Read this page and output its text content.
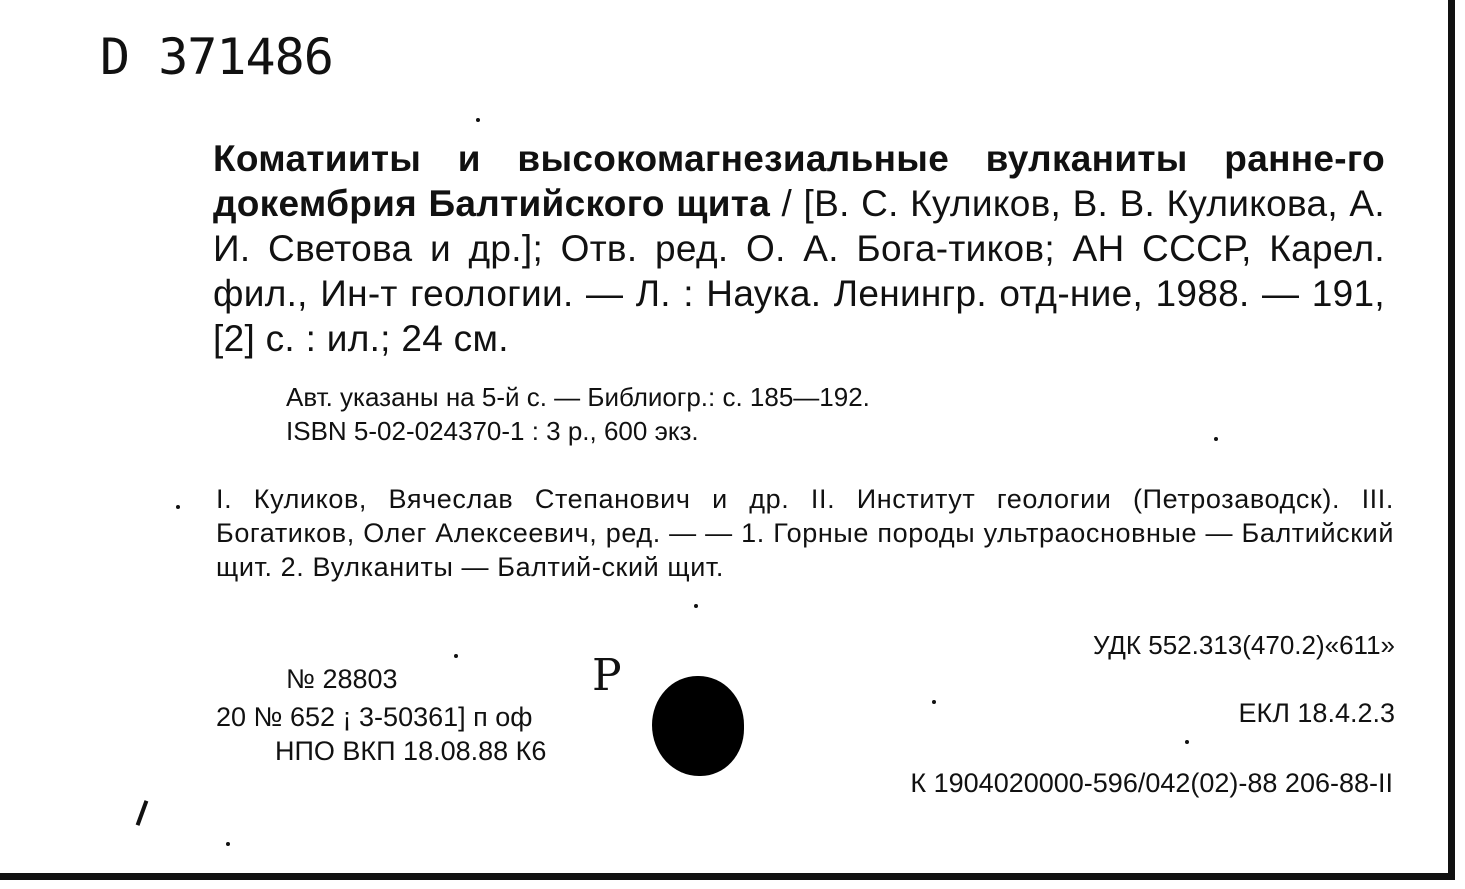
D 371486
Коматииты и высокомагнезиальные вулканиты ранне-го докембрия Балтийского щита / [В. С. Куликов, В. В. Куликова, А. И. Светова и др.]; Отв. ред. О. А. Бога-тиков; АН СССР, Карел. фил., Ин-т геологии. — Л. : Наука. Ленингр. отд-ние, 1988. — 191, [2] с. : ил.; 24 см.
Авт. указаны на 5-й с. — Библиогр.: с. 185—192.
ISBN 5-02-024370-1 : 3 р., 600 экз.
I. Куликов, Вячеслав Степанович и др. II. Институт геологии (Петрозаводск). III. Богатиков, Олег Алексеевич, ред. — — 1. Горные породы ультраосновные — Балтийский щит. 2. Вулканиты — Балтий-ский щит.
УДК 552.313(470.2)«611»
№ 28803
ЕКЛ 18.4.2.3
20 № 652 ¡ 3-50361] п оф
НПО ВКП 18.08.88 К6
К 1904020000-596/042(02)-88 206-88-II
Р
